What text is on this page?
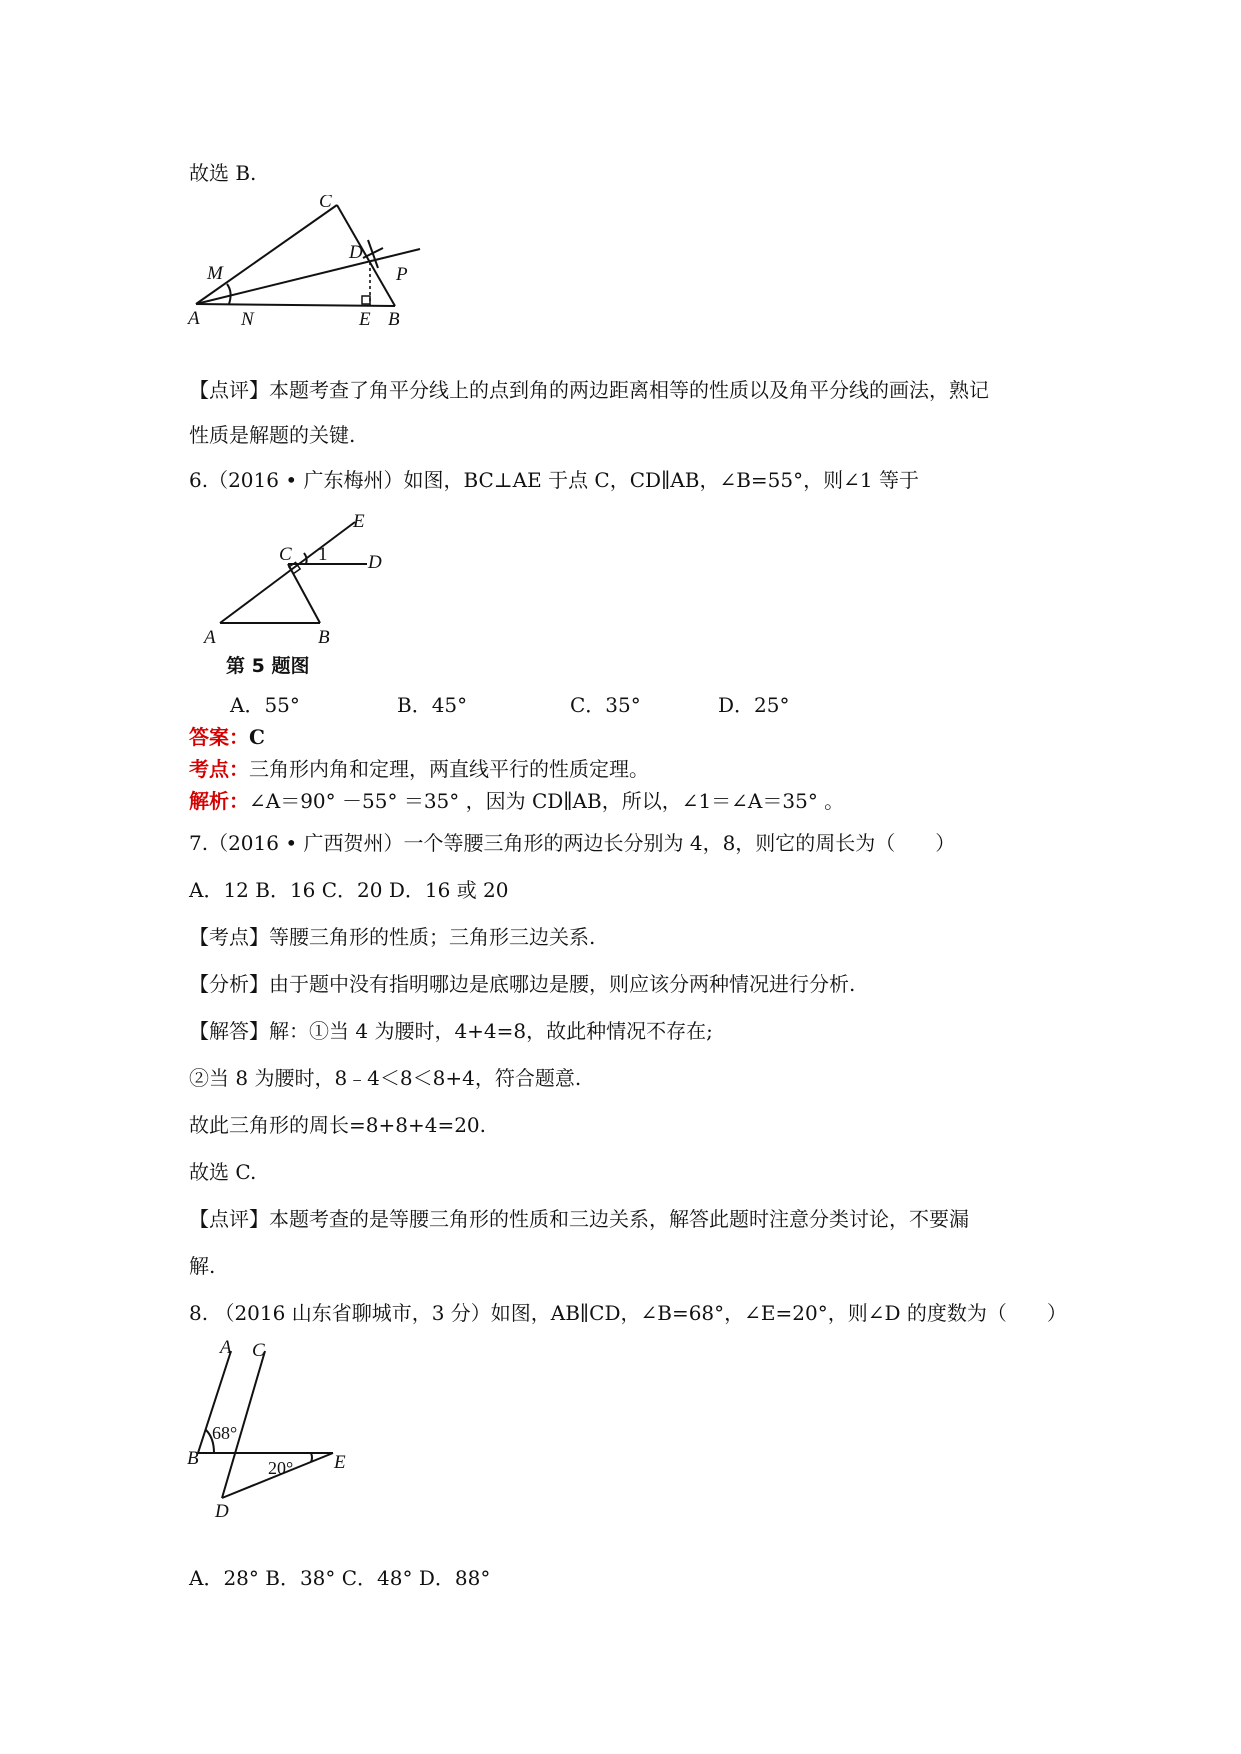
故选 B.

C
P
M
D
A N	E B

【点评】本题考查了角平分线上的点到角的两边距离相等的性质以及角平分线的画法，熟记

性质是解题的关键.

6.（2016 • 广东梅州）如图，BC⊥AE 于点 C，CD∥AB，∠B=55°，则∠1 等于

E
C 1 D
A	B
第 5 题图
A．55°	B．45°	C．35°	D．25°

答案：C

考点：三角形内角和定理，两直线平行的性质定理。

解析：∠A＝90° －55° ＝35° ，因为 CD∥AB，所以，∠1＝∠A＝35° 。

7.（2016 • 广西贺州）一个等腰三角形的两边长分别为 4，8，则它的周长为（　　）

A．12 B．16 C．20 D．16 或 20

【考点】等腰三角形的性质；三角形三边关系.

【分析】由于题中没有指明哪边是底哪边是腰，则应该分两种情况进行分析.

【解答】解：①当 4 为腰时，4+4=8，故此种情况不存在;

②当 8 为腰时，8﹣4＜8＜8+4，符合题意.

故此三角形的周长=8+8+4=20.

故选 C.

【点评】本题考查的是等腰三角形的性质和三边关系，解答此题时注意分类讨论，不要漏

解.

8. （2016 山东省聊城市，3 分）如图，AB∥CD，∠B=68°，∠E=20°，则∠D 的度数为（　　）

A C
B	E
D
68°
20°

A．28° B．38° C．48° D．88°
